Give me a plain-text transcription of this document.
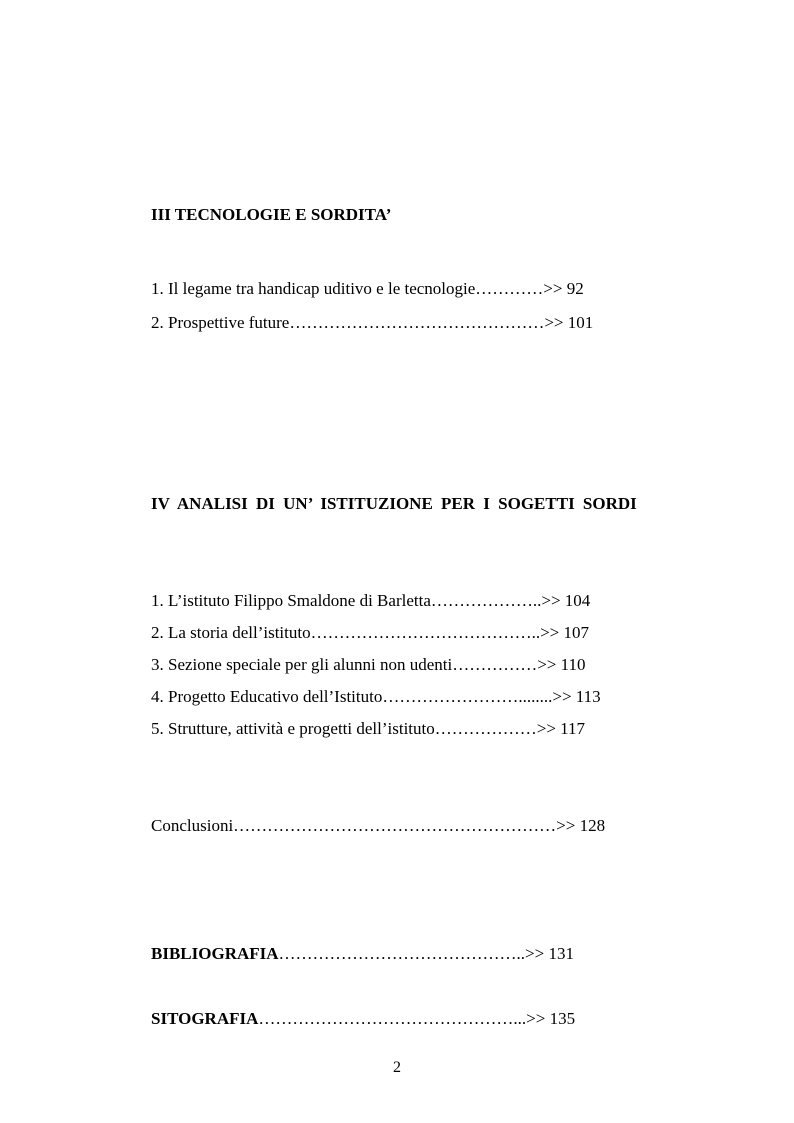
III TECNOLOGIE E SORDITA’
1. Il legame tra handicap uditivo e le tecnologie…………>> 92
2. Prospettive future………………………………………>> 101
IV ANALISI DI UN’ ISTITUZIONE PER I SOGETTI SORDI
1. L’istituto Filippo Smaldone di Barletta………………..>> 104
2. La storia dell’istituto…………………………………..>> 107
3. Sezione speciale per gli alunni non udenti……………>> 110
4. Progetto Educativo dell’Istituto……………………........>> 113
5. Strutture, attività e progetti dell’istituto………………>> 117
Conclusioni…………………………………………………>> 128
BIBLIOGRAFIA……………………………………..>> 131
SITOGRAFIA………………………………………...>> 135
2
